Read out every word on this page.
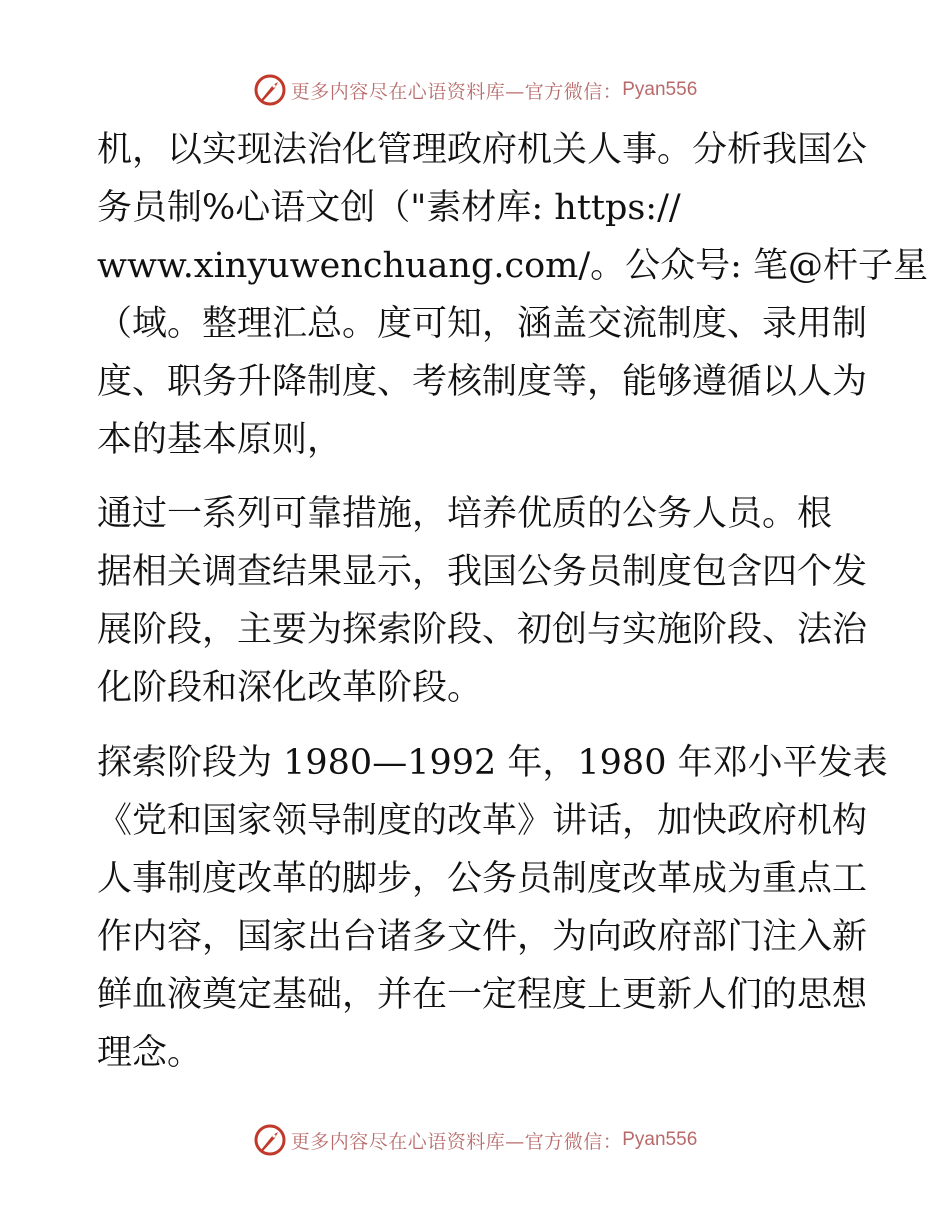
更多内容尽在心语资料库—官方微信： Pyan556
机，以实现法治化管理政府机关人事。分析我国公
务员制%心语文创（"素材库: https://
www.xinyuwenchuang.com/。公众号: 笔@杆子星
（域。整理汇总。度可知，涵盖交流制度、录用制
度、职务升降制度、考核制度等，能够遵循以人为
本的基本原则，
通过一系列可靠措施，培养优质的公务人员。根
据相关调查结果显示，我国公务员制度包含四个发
展阶段，主要为探索阶段、初创与实施阶段、法治
化阶段和深化改革阶段。
探索阶段为 1980—1992 年，1980 年邓小平发表
《党和国家领导制度的改革》讲话，加快政府机构
人事制度改革的脚步，公务员制度改革成为重点工
作内容，国家出台诸多文件，为向政府部门注入新
鲜血液奠定基础，并在一定程度上更新人们的思想
理念。
更多内容尽在心语资料库—官方微信： Pyan556
